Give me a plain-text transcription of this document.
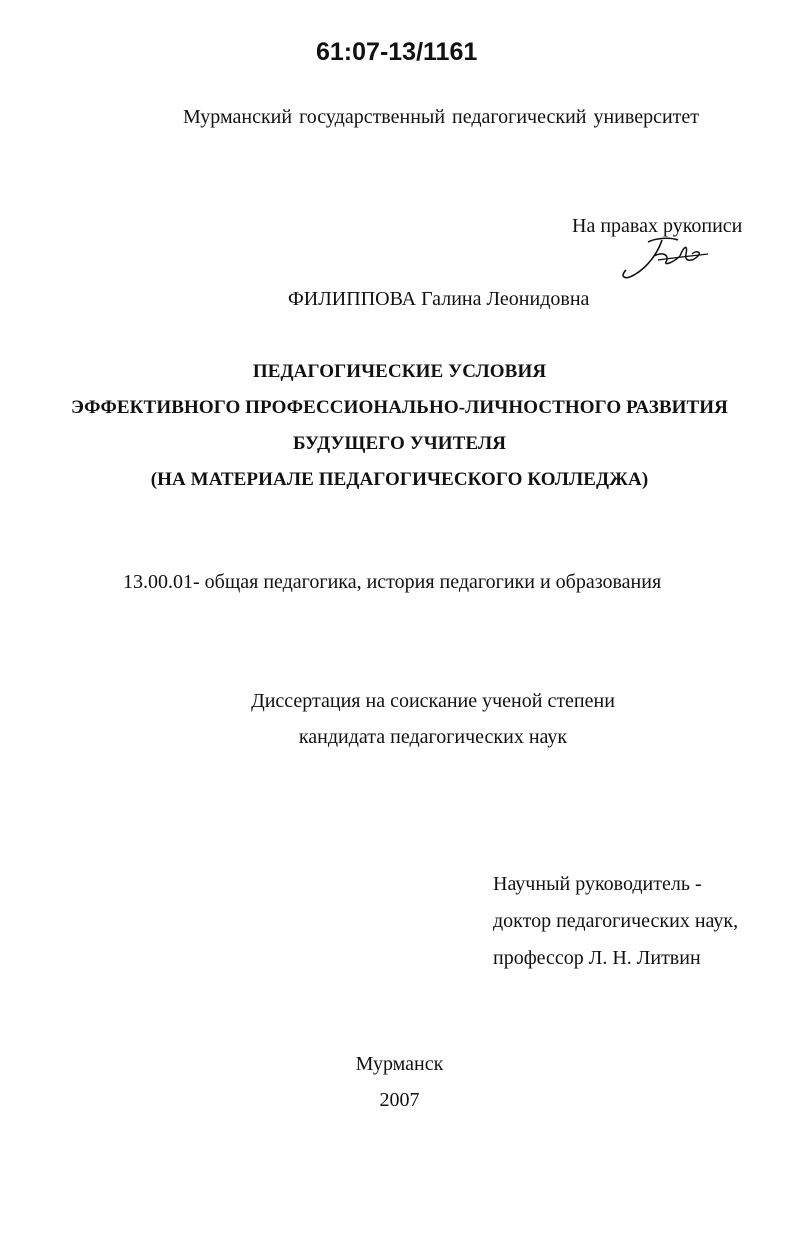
61:07-13/1161
Мурманский государственный педагогический университет
На правах рукописи
ФИЛИППОВА Галина Леонидовна
ПЕДАГОГИЧЕСКИЕ УСЛОВИЯ
ЭФФЕКТИВНОГО ПРОФЕССИОНАЛЬНО-ЛИЧНОСТНОГО РАЗВИТИЯ
БУДУЩЕГО УЧИТЕЛЯ
(НА МАТЕРИАЛЕ ПЕДАГОГИЧЕСКОГО КОЛЛЕДЖА)
13.00.01- общая педагогика, история педагогики и образования
Диссертация на соискание ученой степени
кандидата педагогических наук
Научный руководитель -
доктор педагогических наук,
профессор Л. Н. Литвин
Мурманск
2007
